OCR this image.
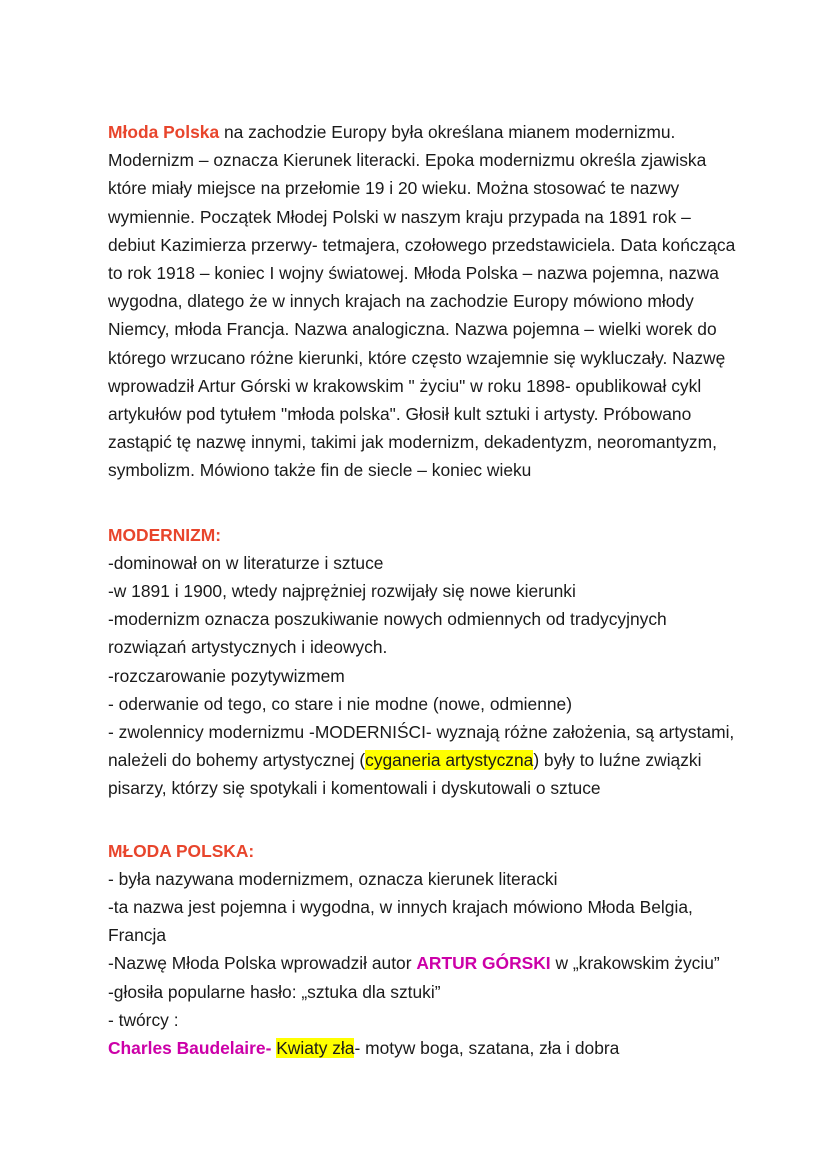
Młoda Polska na zachodzie Europy była określana mianem modernizmu. Modernizm – oznacza Kierunek literacki. Epoka modernizmu określa zjawiska które miały miejsce na przełomie 19 i 20 wieku. Można stosować te nazwy wymiennie. Początek Młodej Polski w naszym kraju przypada na 1891 rok – debiut Kazimierza przerwy- tetmajera, czołowego przedstawiciela. Data kończąca to rok 1918 – koniec I wojny światowej. Młoda Polska – nazwa pojemna, nazwa wygodna, dlatego że w innych krajach na zachodzie Europy mówiono młody Niemcy, młoda Francja. Nazwa analogiczna. Nazwa pojemna – wielki worek do którego wrzucano różne kierunki, które często wzajemnie się wykluczały. Nazwę wprowadził Artur Górski w krakowskim " życiu" w roku 1898- opublikował cykl artykułów pod tytułem "młoda polska". Głosił kult sztuki i artysty. Próbowano zastąpić tę nazwę innymi, takimi jak modernizm, dekadentyzm, neoromantyzm, symbolizm. Mówiono także fin de siecle – koniec wieku

MODERNIZM:

-dominował on w literaturze i sztuce
-w 1891 i 1900, wtedy najprężniej rozwijały się nowe kierunki
-modernizm oznacza poszukiwanie nowych odmiennych od tradycyjnych rozwiązań artystycznych i ideowych.
-rozczarowanie pozytywizmem
- oderwanie od tego, co stare i nie modne (nowe, odmienne)
- zwolennicy modernizmu -MODERNIŚCI- wyznają różne założenia, są artystami, należeli do bohemy artystycznej (cyganeria artystyczna) były to luźne związki pisarzy, którzy się spotykali i komentowali i dyskutowali o sztuce

MŁODA POLSKA:

- była nazywana modernizmem, oznacza kierunek literacki
-ta nazwa jest pojemna i wygodna, w innych krajach mówiono Młoda Belgia, Francja
-Nazwę Młoda Polska wprowadził autor ARTUR GÓRSKI w „krakowskim życiu”
-głosiła popularne hasło: „sztuka dla sztuki”
- twórcy :
Charles Baudelaire- Kwiaty zła- motyw boga, szatana, zła i dobra
